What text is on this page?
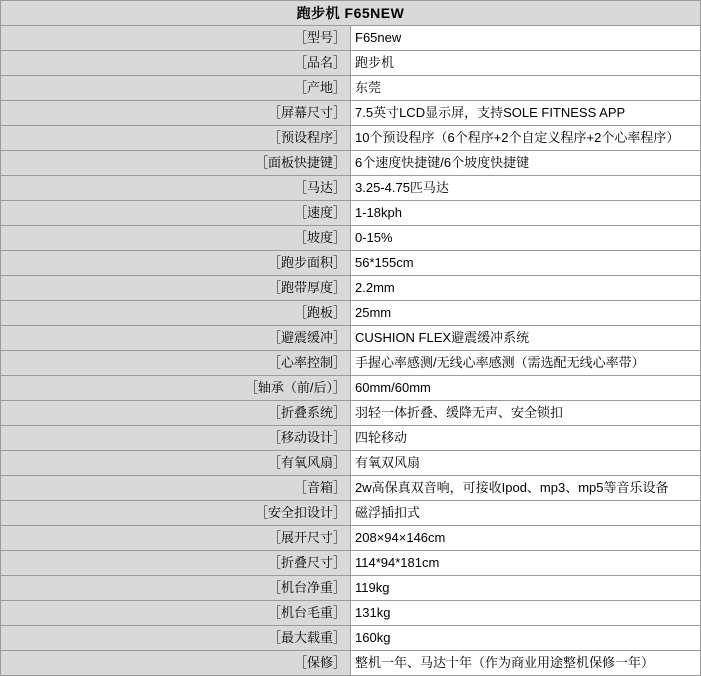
跑步机 F65NEW	
［型号］	F65new
［品名］	跑步机
［产地］	东莞
［屏幕尺寸］	7.5英寸LCD显示屏，支持SOLE FITNESS APP
［预设程序］	10个预设程序（6个程序+2个自定义程序+2个心率程序）
［面板快捷键］	6个速度快捷键/6个坡度快捷键
［马达］	3.25-4.75匹马达
［速度］	1-18kph
［坡度］	0-15%
［跑步面积］	56*155cm
［跑带厚度］	2.2mm
［跑板］	25mm
［避震缓冲］	CUSHION FLEX避震缓冲系统
［心率控制］	手握心率感测/无线心率感测（需选配无线心率带）
［轴承（前/后）］	60mm/60mm
［折叠系统］	羽轻一体折叠、缓降无声、安全锁扣
［移动设计］	四轮移动
［有氧风扇］	有氧双风扇
［音箱］	2w高保真双音响，可接收Ipod、mp3、mp5等音乐设备
［安全扣设计］	磁浮插扣式
［展开尺寸］	208×94×146cm
［折叠尺寸］	114*94*181cm
［机台净重］	119kg
［机台毛重］	131kg
［最大载重］	160kg
［保修］	整机一年、马达十年（作为商业用途整机保修一年）
